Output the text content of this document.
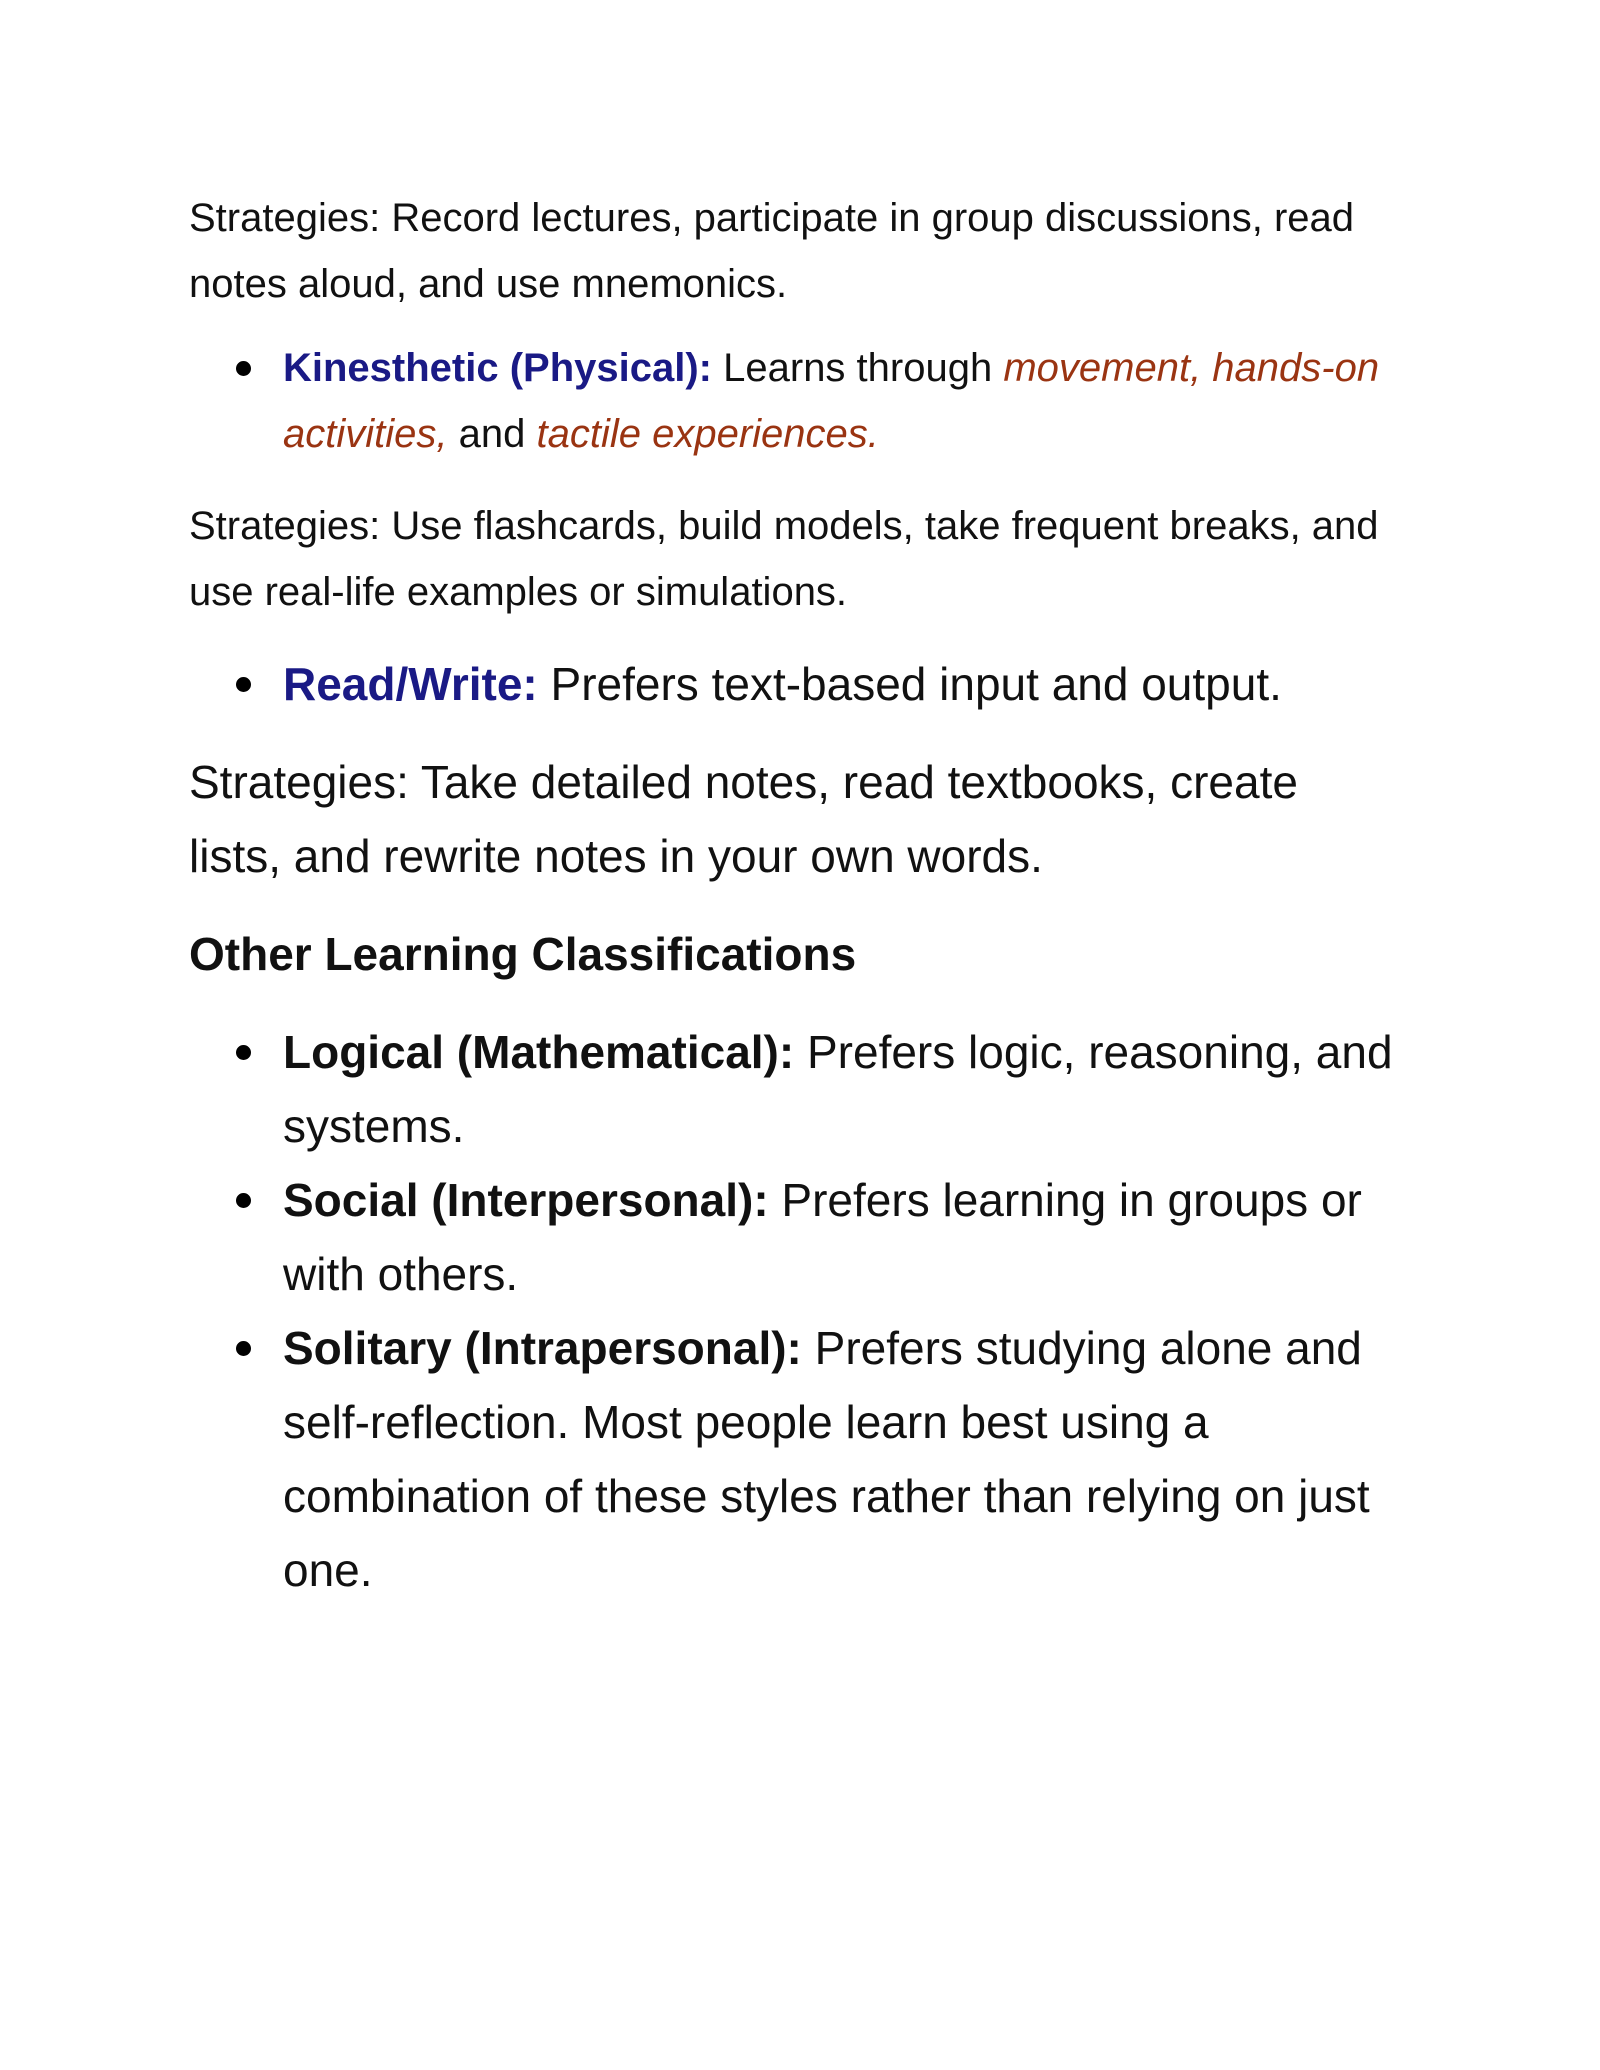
Strategies: Record lectures, participate in group discussions, read notes aloud, and use mnemonics.

Kinesthetic (Physical): Learns through movement, hands-on activities, and tactile experiences.

Strategies: Use flashcards, build models, take frequent breaks, and use real-life examples or simulations.

Read/Write: Prefers text-based input and output.

Strategies: Take detailed notes, read textbooks, create lists, and rewrite notes in your own words.

Other Learning Classifications

Logical (Mathematical): Prefers logic, reasoning, and systems.
Social (Interpersonal): Prefers learning in groups or with others.
Solitary (Intrapersonal): Prefers studying alone and self-reflection. Most people learn best using a combination of these styles rather than relying on just one.
